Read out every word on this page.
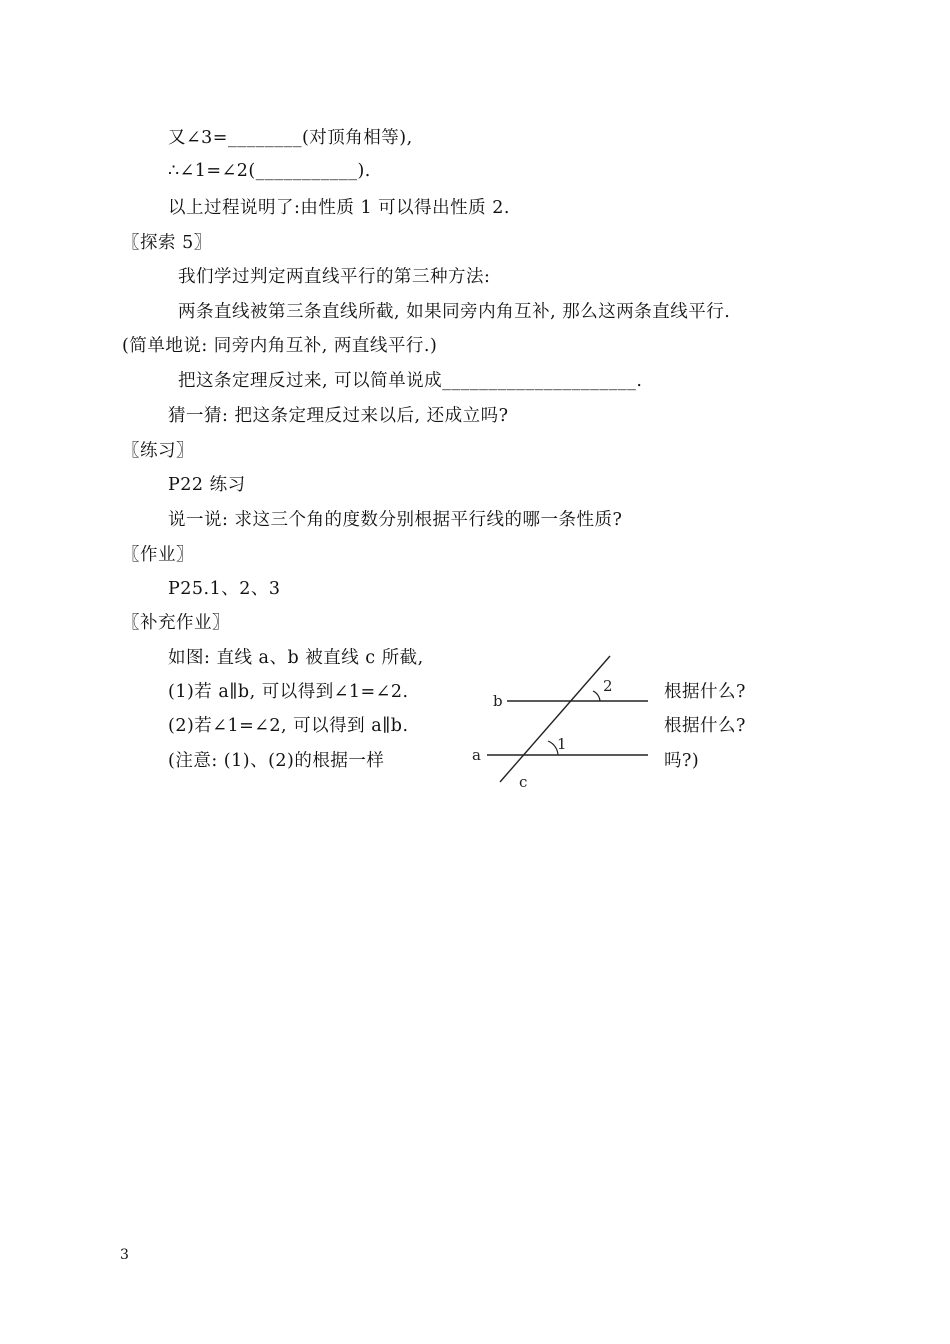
又∠3=________(对顶角相等),
∴∠1=∠2(___________).
以上过程说明了:由性质 1 可以得出性质 2.
〖探索 5〗
我们学过判定两直线平行的第三种方法:
两条直线被第三条直线所截, 如果同旁内角互补, 那么这两条直线平行.
(简单地说: 同旁内角互补, 两直线平行.)
把这条定理反过来, 可以简单说成_____________________.
猜一猜: 把这条定理反过来以后, 还成立吗?
〖练习〗
P22 练习
说一说: 求这三个角的度数分别根据平行线的哪一条性质?
〖作业〗
P25.1、2、3
〖补充作业〗
如图: 直线 a、b 被直线 c 所截,
(1)若 a∥b, 可以得到∠1=∠2.	根据什么?
(2)若∠1=∠2, 可以得到 a∥b.	根据什么?
(注意: (1)、(2)的根据一样	吗?)
b
a
c
1
2
3
